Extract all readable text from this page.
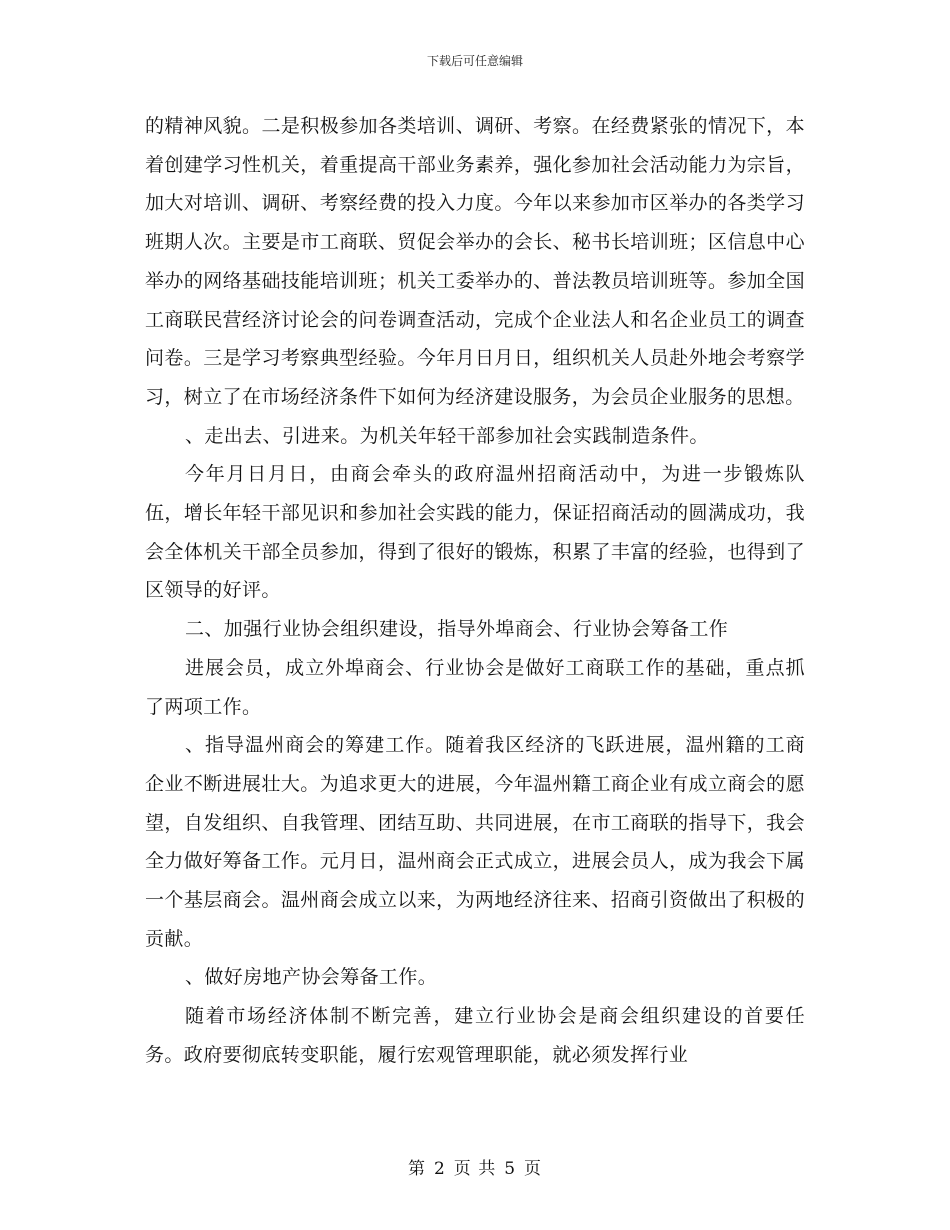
下载后可任意编辑

的精神风貌。二是积极参加各类培训、调研、考察。在经费紧张的情况下，本着创建学习性机关，着重提高干部业务素养，强化参加社会活动能力为宗旨，加大对培训、调研、考察经费的投入力度。今年以来参加市区举办的各类学习班期人次。主要是市工商联、贸促会举办的会长、秘书长培训班；区信息中心举办的网络基础技能培训班；机关工委举办的、普法教员培训班等。参加全国工商联民营经济讨论会的问卷调查活动，完成个企业法人和名企业员工的调查问卷。三是学习考察典型经验。今年月日月日，组织机关人员赴外地会考察学习，树立了在市场经济条件下如何为经济建设服务，为会员企业服务的思想。

、走出去、引进来。为机关年轻干部参加社会实践制造条件。

今年月日月日，由商会牵头的政府温州招商活动中，为进一步锻炼队伍，增长年轻干部见识和参加社会实践的能力，保证招商活动的圆满成功，我会全体机关干部全员参加，得到了很好的锻炼，积累了丰富的经验，也得到了区领导的好评。

二、加强行业协会组织建设，指导外埠商会、行业协会筹备工作

进展会员，成立外埠商会、行业协会是做好工商联工作的基础，重点抓了两项工作。

、指导温州商会的筹建工作。随着我区经济的飞跃进展，温州籍的工商企业不断进展壮大。为追求更大的进展，今年温州籍工商企业有成立商会的愿望，自发组织、自我管理、团结互助、共同进展，在市工商联的指导下，我会全力做好筹备工作。元月日，温州商会正式成立，进展会员人，成为我会下属一个基层商会。温州商会成立以来，为两地经济往来、招商引资做出了积极的贡献。

、做好房地产协会筹备工作。

随着市场经济体制不断完善，建立行业协会是商会组织建设的首要任务。政府要彻底转变职能，履行宏观管理职能，就必须发挥行业

第 2 页 共 5 页
